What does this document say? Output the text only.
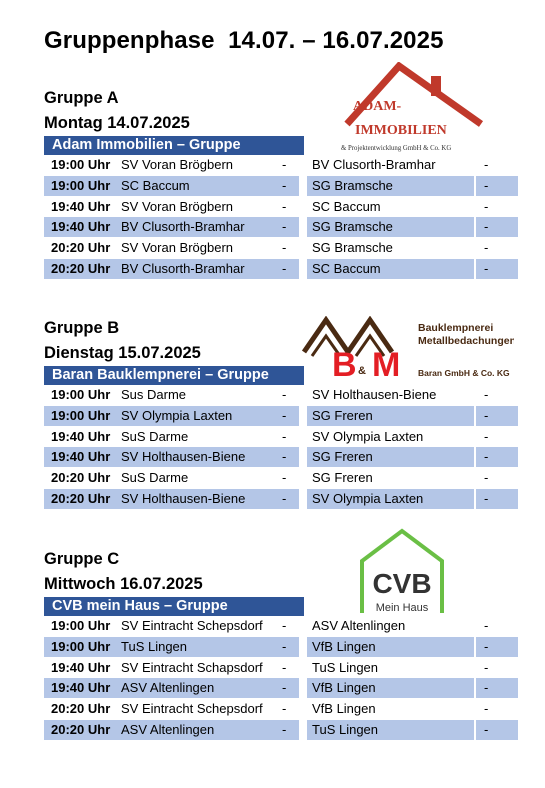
Gruppenphase  14.07. – 16.07.2025
Gruppe A
Montag 14.07.2025
Adam Immobilien – Gruppe
19:00 Uhr SV Voran Brögbern	- BV Clusorth-Bramhar	-
19:00 Uhr SC Baccum	- SG Bramsche	-
19:40 Uhr SV Voran Brögbern	- SC Baccum	-
19:40 Uhr BV Clusorth-Bramhar	- SG Bramsche	-
20:20 Uhr SV Voran Brögbern	- SG Bramsche	-
20:20 Uhr BV Clusorth-Bramhar	- SC Baccum	-
Gruppe B
Dienstag 15.07.2025
Baran Bauklempnerei – Gruppe
19:00 Uhr Sus Darme	- SV Holthausen-Biene	-
19:00 Uhr SV Olympia Laxten	- SG Freren	-
19:40 Uhr SuS Darme	- SV Olympia Laxten	-
19:40 Uhr SV Holthausen-Biene	- SG Freren	-
20:20 Uhr SuS Darme	- SG Freren	-
20:20 Uhr SV Holthausen-Biene	- SV Olympia Laxten	-
Gruppe C
Mittwoch 16.07.2025
CVB mein Haus – Gruppe
19:00 Uhr SV Eintracht Schepsdorf - ASV Altenlingen	-
19:00 Uhr TuS Lingen	- VfB Lingen	-
19:40 Uhr SV Eintracht Schapsdorf - TuS Lingen	-
19:40 Uhr ASV Altenlingen	- VfB Lingen	-
20:20 Uhr SV Eintracht Schepsdorf - VfB Lingen	-
20:20 Uhr ASV Altenlingen	- TuS Lingen	-
ADAM-
IMMOBILIEN
& Projektentwicklung GmbH & Co. KG
B & M
Bauklempnerei
Metallbedachungen
Baran GmbH & Co. KG
CVB
Mein Haus
